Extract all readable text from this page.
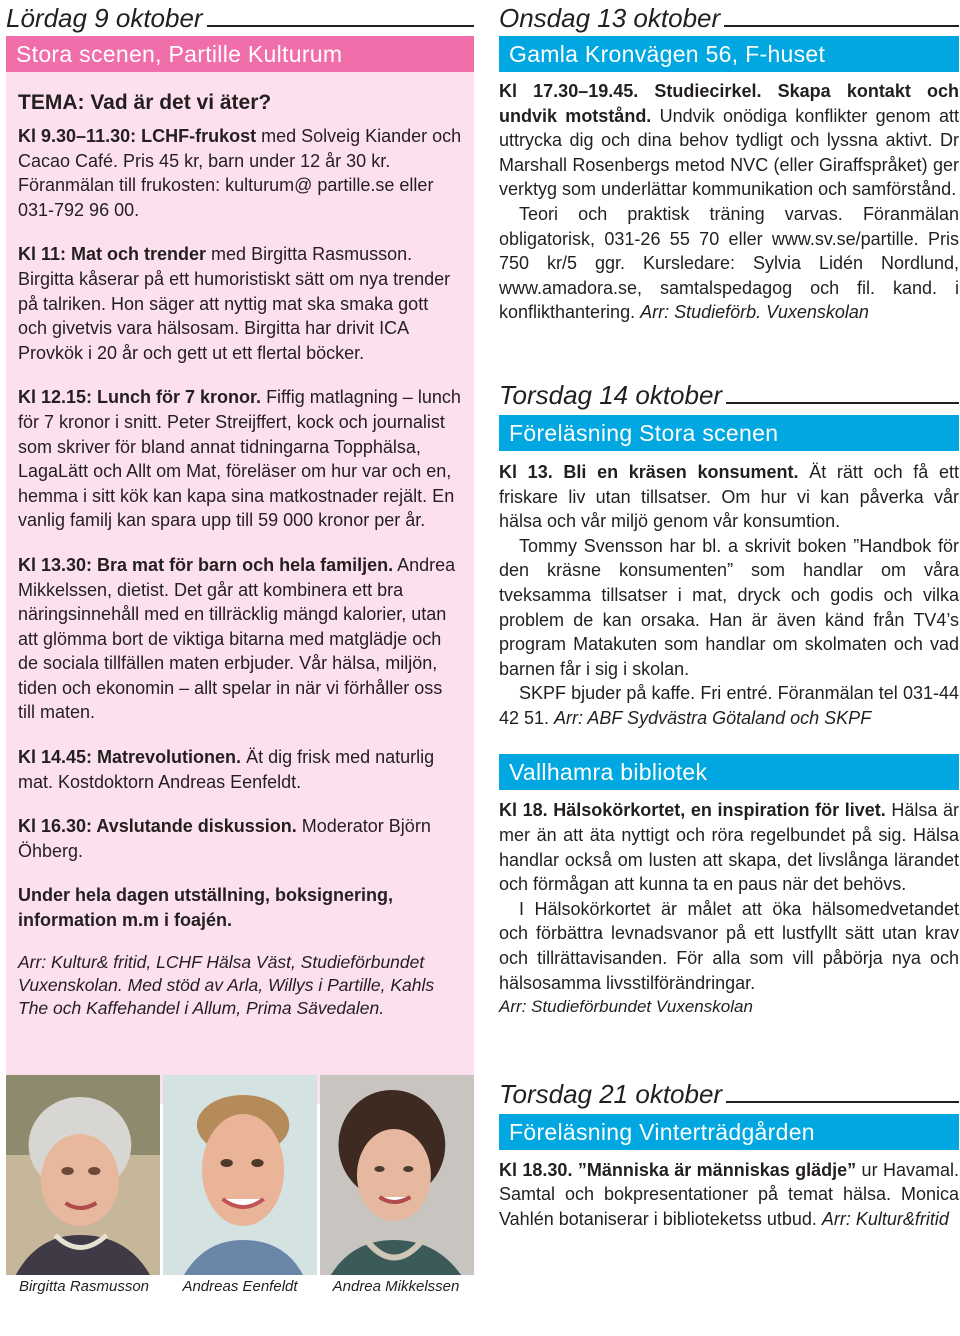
Lördag 9 oktober
Stora scenen, Partille Kulturum
TEMA: Vad är det vi äter?

Kl 9.30–11.30: LCHF-frukost med Solveig Kiander och Cacao Café. Pris 45 kr, barn under 12 år 30 kr. Föranmälan till frukosten: kulturum@ partille.se eller 031-792 96 00.

Kl 11: Mat och trender med Birgitta Rasmusson. Birgitta kåserar på ett humoristiskt sätt om nya trender på talriken. Hon säger att nyttig mat ska smaka gott och givetvis vara hälsosam. Birgitta har drivit ICA Provkök i 20 år och gett ut ett flertal böcker.

Kl 12.15: Lunch för 7 kronor. Fiffig matlagning – lunch för 7 kronor i snitt. Peter Streijffert, kock och journalist som skriver för bland annat tidningarna Topphälsa, LagaLätt och Allt om Mat, föreläser om hur var och en, hemma i sitt kök kan kapa sina matkostnader rejält. En vanlig familj kan spara upp till 59 000 kronor per år.

Kl 13.30: Bra mat för barn och hela familjen. Andrea Mikkelssen, dietist. Det går att kombinera ett bra näringsinnehåll med en tillräcklig mängd kalorier, utan att glömma bort de viktiga bitarna med matglädje och de sociala tillfällen maten erbjuder. Vår hälsa, miljön, tiden och ekonomin – allt spelar in när vi förhåller oss till maten.

Kl 14.45: Matrevolutionen. Ät dig frisk med naturlig mat. Kostdoktorn Andreas Eenfeldt.

Kl 16.30: Avslutande diskussion. Moderator Björn Öhberg.

Under hela dagen utställning, boksignering, information m.m i foajén.

Arr: Kultur& fritid, LCHF Hälsa Väst, Studieförbundet Vuxenskolan. Med stöd av Arla, Willys i Partille, Kahls The och Kaffehandel i Allum, Prima Sävedalen.

Birgitta Rasmusson	Andreas Eenfeldt	Andrea Mikkelssen
Onsdag 13 oktober
Gamla Kronvägen 56, F-huset
Kl 17.30–19.45. Studiecirkel. Skapa kontakt och undvik motstånd. Undvik onödiga konflikter genom att uttrycka dig och dina behov tydligt och lyssna aktivt. Dr Marshall Rosenbergs metod NVC (eller Giraffspråket) ger verktyg som underlättar kommunikation och samförstånd.
Teori och praktisk träning varvas. Föranmälan obligatorisk, 031-26 55 70 eller www.sv.se/partille. Pris 750 kr/5 ggr. Kursledare: Sylvia Lidén Nordlund, www.amadora.se, samtalspedagog och fil. kand. i konflikthantering. Arr: Studieförb. Vuxenskolan
Torsdag 14 oktober
Föreläsning Stora scenen
Kl 13. Bli en kräsen konsument. Ät rätt och få ett friskare liv utan tillsatser. Om hur vi kan påverka vår hälsa och vår miljö genom vår konsumtion.
Tommy Svensson har bl. a skrivit boken ”Handbok för den kräsne konsumenten” som handlar om våra tveksamma tillsatser i mat, dryck och godis och vilka problem de kan orsaka. Han är även känd från TV4’s program Matakuten som handlar om skolmaten och vad barnen får i sig i skolan.
SKPF bjuder på kaffe. Fri entré. Föranmälan tel 031-44 42 51. Arr: ABF Sydvästra Götaland och SKPF
Vallhamra bibliotek
Kl 18. Hälsokörkortet, en inspiration för livet. Hälsa är mer än att äta nyttigt och röra regelbundet på sig. Hälsa handlar också om lusten att skapa, det livslånga lärandet och förmågan att kunna ta en paus när det behövs.
I Hälsokörkortet är målet att öka hälsomedvetandet och förbättra levnadsvanor på ett lustfyllt sätt utan krav och tillrättavisanden. För alla som vill påbörja nya och hälsosamma livsstilförändringar.
Arr: Studieförbundet Vuxenskolan
Torsdag 21 oktober
Föreläsning Vinterträdgården
Kl 18.30. ”Människa är människas glädje” ur Havamal. Samtal och bokpresentationer på temat hälsa. Monica Vahlén botaniserar i biblioteketss utbud. Arr: Kultur&fritid
